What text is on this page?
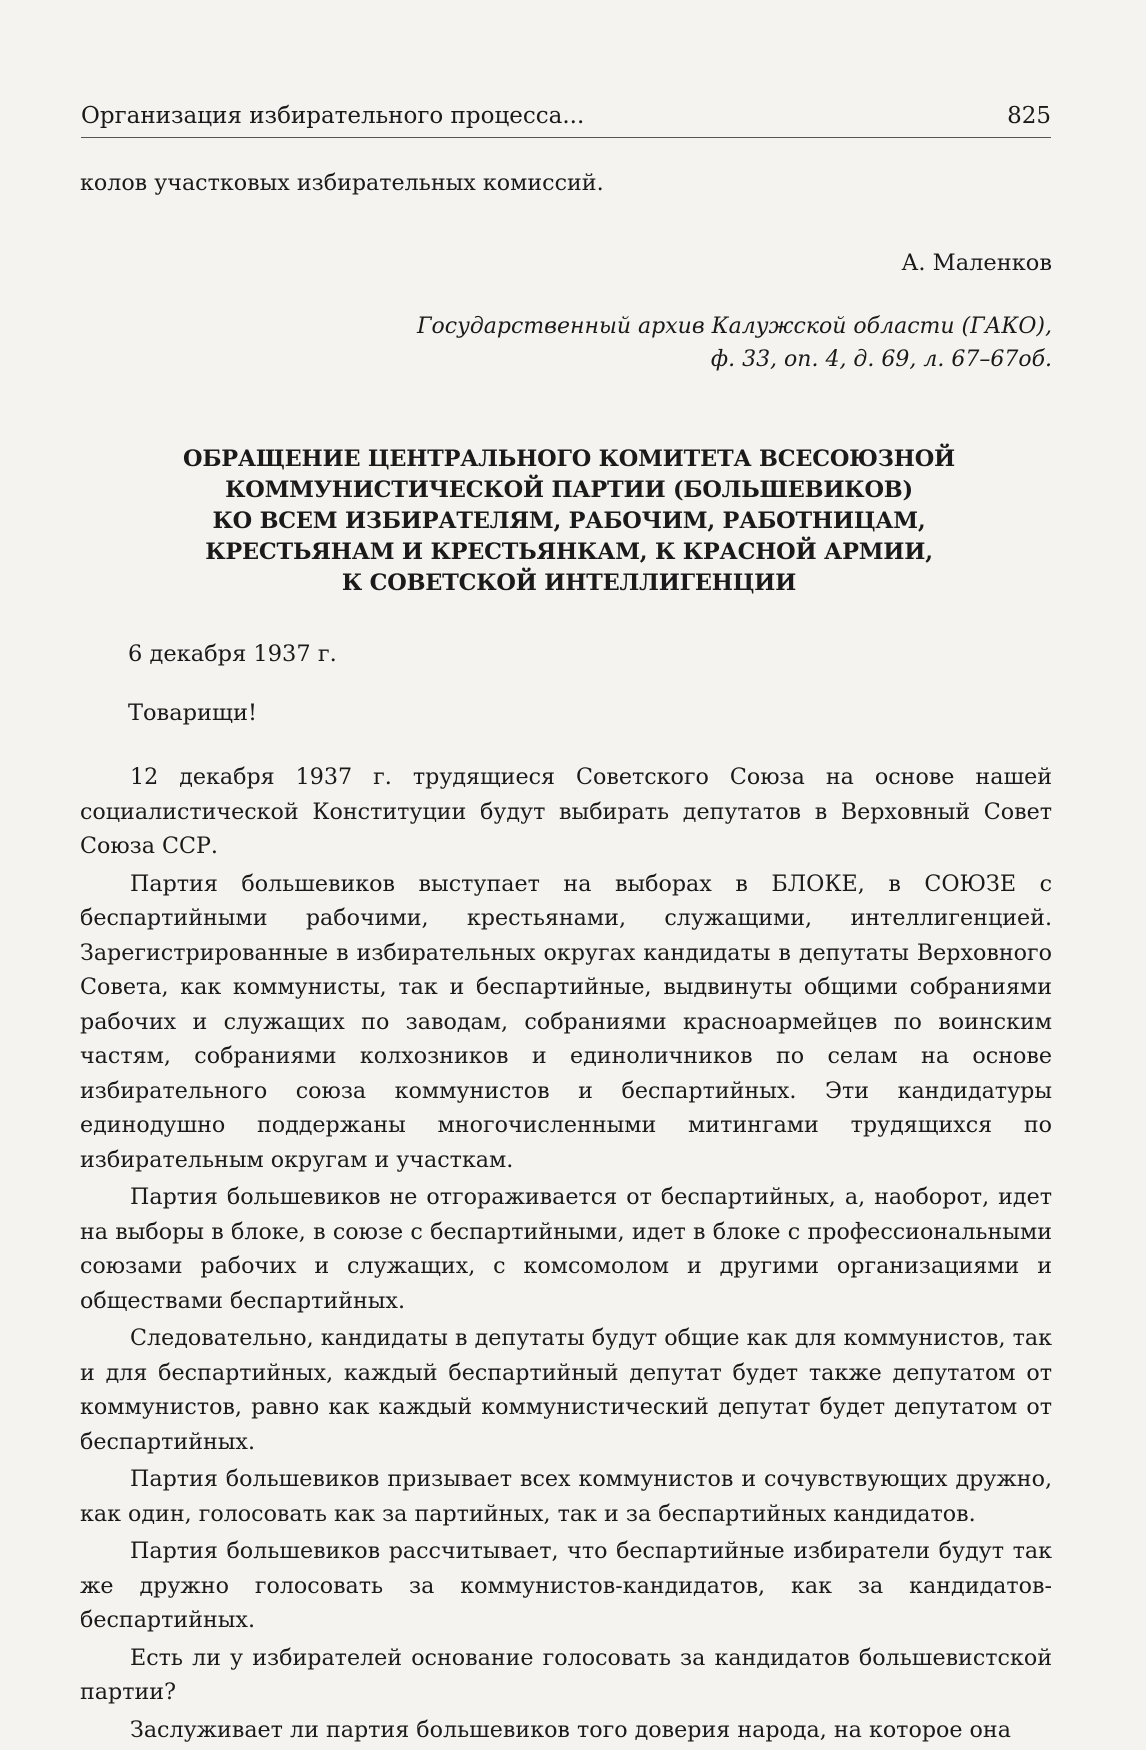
Организация избирательного процесса...	825

колов участковых избирательных комиссий.

А. Маленков
Государственный архив Калужской области (ГАКО),
ф. 33, оп. 4, д. 69, л. 67–67об.
ОБРАЩЕНИЕ ЦЕНТРАЛЬНОГО КОМИТЕТА ВСЕСОЮЗНОЙ
КОММУНИСТИЧЕСКОЙ ПАРТИИ (БОЛЬШЕВИКОВ)
КО ВСЕМ ИЗБИРАТЕЛЯМ, РАБОЧИМ, РАБОТНИЦАМ,
КРЕСТЬЯНАМ И КРЕСТЬЯНКАМ, К КРАСНОЙ АРМИИ,
К СОВЕТСКОЙ ИНТЕЛЛИГЕНЦИИ
6 декабря 1937 г.
Товарищи!

12 декабря 1937 г. трудящиеся Советского Союза на основе нашей социалистической Конституции будут выбирать депутатов в Верховный Совет Союза ССР.

Партия большевиков выступает на выборах в БЛОКЕ, в СОЮЗЕ с беспартийными рабочими, крестьянами, служащими, интеллигенцией. Зарегистрированные в избирательных округах кандидаты в депутаты Верховного Совета, как коммунисты, так и беспартийные, выдвинуты общими собраниями рабочих и служащих по заводам, собраниями красноармейцев по воинским частям, собраниями колхозников и единоличников по селам на основе избирательного союза коммунистов и беспартийных. Эти кандидатуры единодушно поддержаны многочисленными митингами трудящихся по избирательным округам и участкам.

Партия большевиков не отгораживается от беспартийных, а, наоборот, идет на выборы в блоке, в союзе с беспартийными, идет в блоке с профессиональными союзами рабочих и служащих, с комсомолом и другими организациями и обществами беспартийных.

Следовательно, кандидаты в депутаты будут общие как для коммунистов, так и для беспартийных, каждый беспартийный депутат будет также депутатом от коммунистов, равно как каждый коммунистический депутат будет депутатом от беспартийных.

Партия большевиков призывает всех коммунистов и сочувствующих дружно, как один, голосовать как за партийных, так и за беспартийных кандидатов.

Партия большевиков рассчитывает, что беспартийные избиратели будут так же дружно голосовать за коммунистов-кандидатов, как за кандидатов-беспартийных.

Есть ли у избирателей основание голосовать за кандидатов большевистской партии?

Заслуживает ли партия большевиков того доверия народа, на которое она
